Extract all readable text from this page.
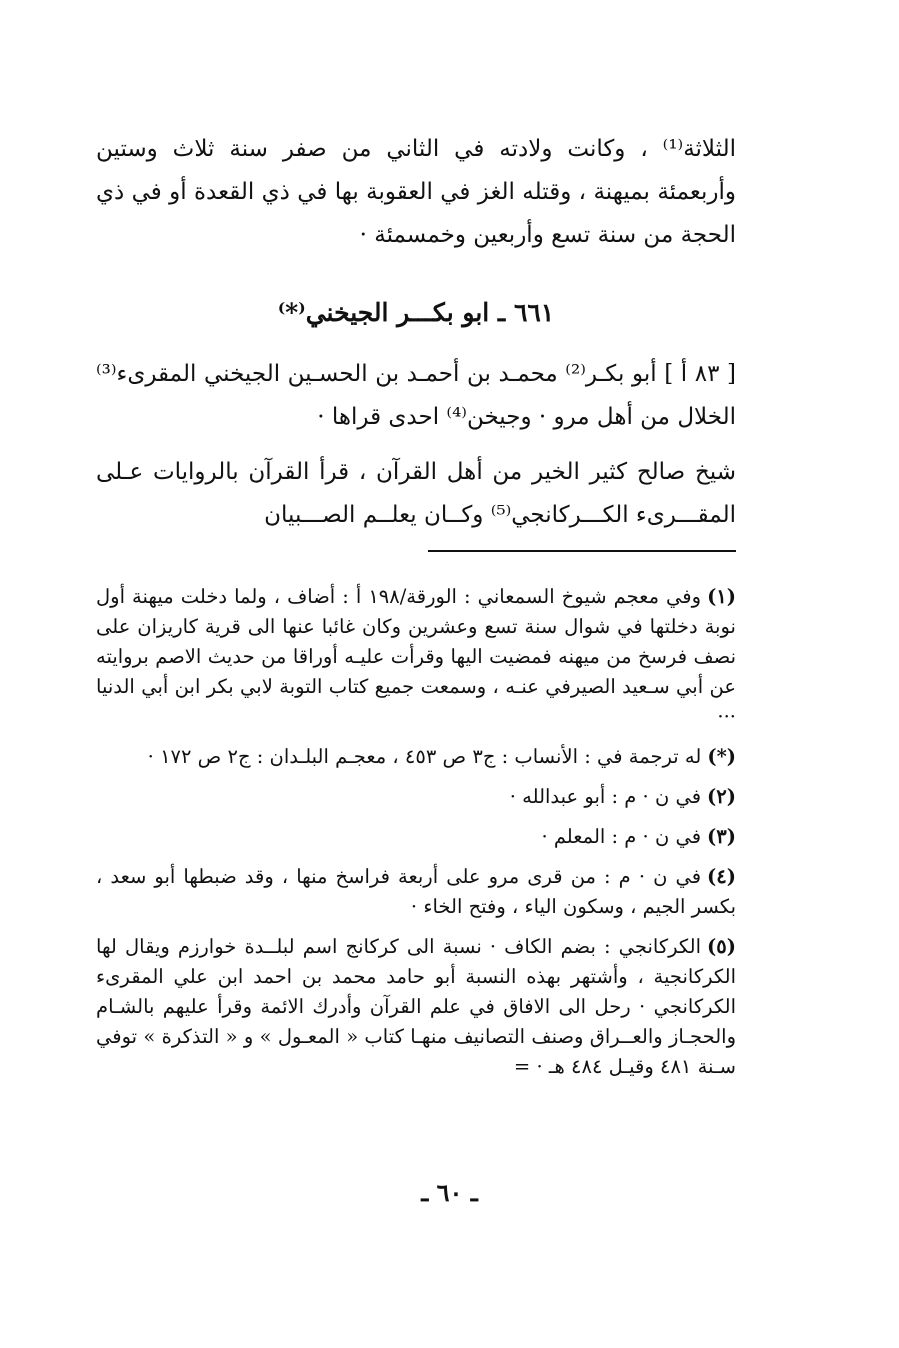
الثلاثة⁽¹⁾ ، وكانت ولادته في الثاني من صفر سنة ثلاث وستين وأربعمئة بميهنة ، وقتله الغز في العقوبة بها في ذي القعدة أو في ذي الحجة من سنة تسع وأربعين وخمسمئة ·

٦٦١ ـ ابو بكـــر الجيخني⁽*⁾

[ ٨٣ أ ] أبو بكـر⁽²⁾ محمـد بن أحمـد بن الحسـين الجيخني المقرىء⁽³⁾ الخلال من أهل مرو · وجيخن⁽⁴⁾ احدى قراها ·

شيخ صالح كثير الخير من أهل القرآن ، قرأ القرآن بالروايات عـلى المقـــرىء الكـــركانجي⁽⁵⁾ وكــان يعلــم الصـــبيان

(١)وفي معجم شيوخ السمعاني : الورقة/١٩٨ أ : أضاف ، ولما دخلت ميهنة أول نوبة دخلتها في شوال سنة تسع وعشرين وكان غائبا عنها الى قرية كاريزان على نصف فرسخ من ميهنه فمضيت اليها وقرأت عليـه أوراقا من حديث الاصم بروايته عن أبي سـعيد الصيرفي عنـه ، وسمعت جميع كتاب التوبة لابي بكر ابن أبي الدنيا ···

(*)له ترجمة في : الأنساب : ج٣ ص ٤٥٣ ، معجـم البلـدان : ج٢ ص ١٧٢ ·

(٢)في ن · م : أبو عبدالله ·

(٣)في ن · م : المعلم ·

(٤)في ن · م : من قرى مرو على أربعة فراسخ منها ، وقد ضبطها أبو سعد ، بكسر الجيم ، وسكون الياء ، وفتح الخاء ·

(٥)الكركانجي : بضم الكاف · نسبة الى كركانج اسم لبلــدة خوارزم ويقال لها الكركانجية ، وأشتهر بهذه النسبة أبو حامد محمد بن احمد ابن علي المقرىء الكركانجي · رحل الى الافاق في علم القرآن وأدرك الائمة وقرأ عليهم بالشـام والحجـاز والعــراق وصنف التصانيف منهـا كتاب « المعـول » و « التذكرة » توفي سـنة ٤٨١ وقيـل ٤٨٤ هـ · =

ـ ٦٠ ـ
